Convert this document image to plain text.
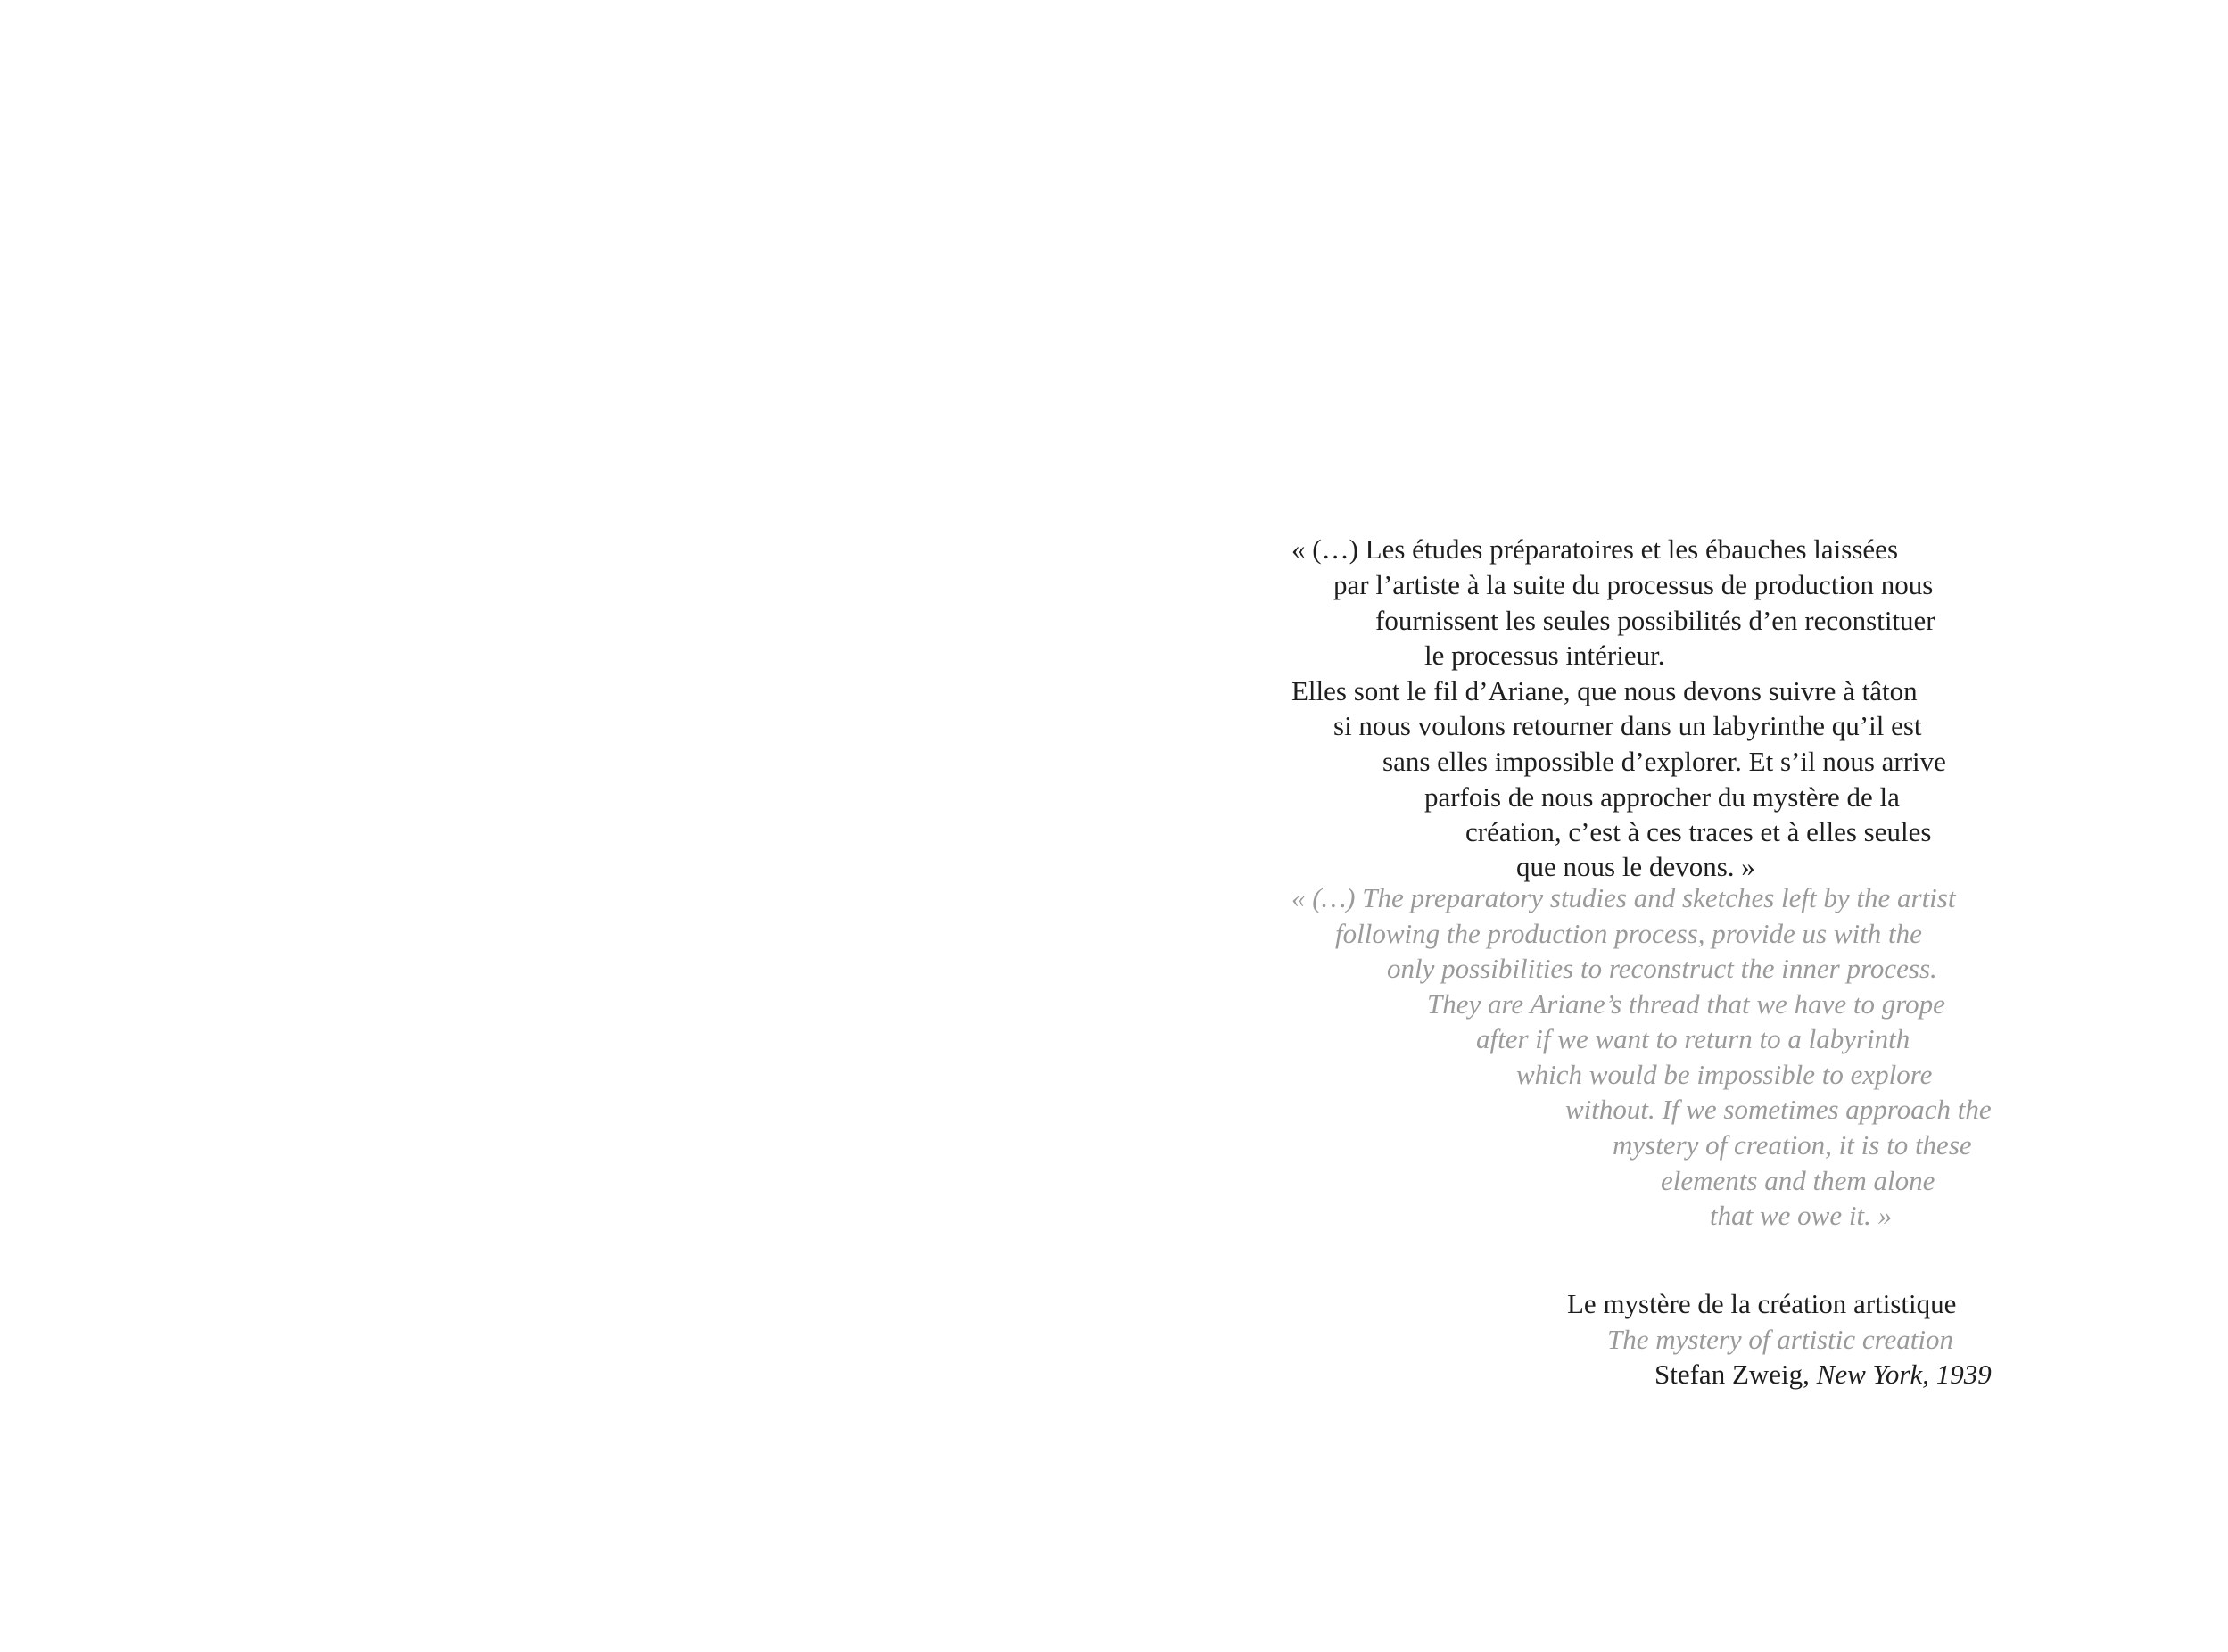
« (…) Les études préparatoires et les ébauches laissées
par l’artiste à la suite du processus de production nous
fournissent les seules possibilités d’en reconstituer
le processus intérieur.
Elles sont le fil d’Ariane, que nous devons suivre à tâton
si nous voulons retourner dans un labyrinthe qu’il est
sans elles impossible d’explorer. Et s’il nous arrive
parfois de nous approcher du mystère de la
création, c’est à ces traces et à elles seules
que nous le devons. »
« (…) The preparatory studies and sketches left by the artist
following the production process, provide us with the
only possibilities to reconstruct the inner process.
They are Ariane’s thread that we have to grope
after if we want to return to a labyrinth
which would be impossible to explore
without. If we sometimes approach the
mystery of creation, it is to these
elements and them alone
that we owe it. »
Le mystère de la création artistique
The mystery of artistic creation
Stefan Zweig, New York, 1939
